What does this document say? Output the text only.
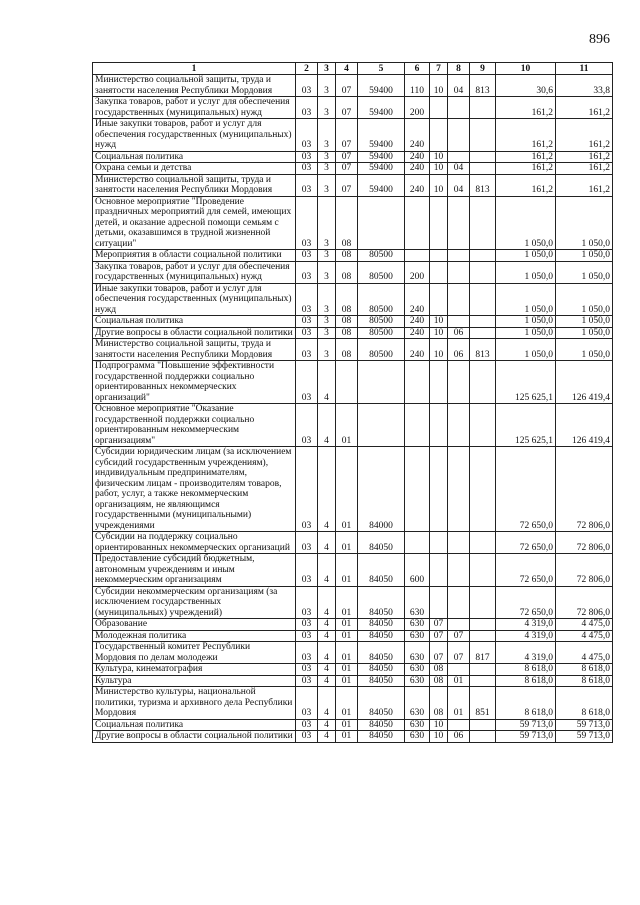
896
1	2	3	4	5	6	7	8	9	10	11
Министерство социальной защиты, труда и занятости населения Республики Мордовия	03	3	07	59400	110	10	04	813	30,6	33,8
Закупка товаров, работ и услуг для обеспечения государственных (муниципальных) нужд	03	3	07	59400	200				161,2	161,2
Иные закупки товаров, работ и услуг для обеспечения государственных (муниципальных) нужд	03	3	07	59400	240				161,2	161,2
Социальная политика	03	3	07	59400	240	10			161,2	161,2
Охрана семьи и детства	03	3	07	59400	240	10	04		161,2	161,2
Министерство социальной защиты, труда и занятости населения Республики Мордовия	03	3	07	59400	240	10	04	813	161,2	161,2
Основное мероприятие "Проведение праздничных мероприятий для семей, имеющих детей, и оказание адресной помощи семьям с детьми, оказавшимся в трудной жизненной ситуации"	03	3	08						1 050,0	1 050,0
Мероприятия в области социальной политики	03	3	08	80500					1 050,0	1 050,0
Закупка товаров, работ и услуг для обеспечения государственных (муниципальных) нужд	03	3	08	80500	200				1 050,0	1 050,0
Иные закупки товаров, работ и услуг для обеспечения государственных (муниципальных) нужд	03	3	08	80500	240				1 050,0	1 050,0
Социальная политика	03	3	08	80500	240	10			1 050,0	1 050,0
Другие вопросы в области социальной политики	03	3	08	80500	240	10	06		1 050,0	1 050,0
Министерство социальной защиты, труда и занятости населения Республики Мордовия	03	3	08	80500	240	10	06	813	1 050,0	1 050,0
Подпрограмма "Повышение эффективности государственной поддержки социально ориентированных некоммерческих организаций"	03	4							125 625,1	126 419,4
Основное мероприятие "Оказание государственной поддержки социально ориентированным некоммерческим организациям"	03	4	01						125 625,1	126 419,4
Субсидии юридическим лицам (за исключением субсидий государственным учреждениям), индивидуальным предпринимателям, физическим лицам - производителям товаров, работ, услуг, а также некоммерческим организациям, не являющимся государственными (муниципальными) учреждениями	03	4	01	84000					72 650,0	72 806,0
Субсидии на поддержку социально ориентированных некоммерческих организаций	03	4	01	84050					72 650,0	72 806,0
Предоставление субсидий бюджетным, автономным учреждениям и иным некоммерческим организациям	03	4	01	84050	600				72 650,0	72 806,0
Субсидии некоммерческим организациям (за исключением государственных (муниципальных) учреждений)	03	4	01	84050	630				72 650,0	72 806,0
Образование	03	4	01	84050	630	07			4 319,0	4 475,0
Молодежная политика	03	4	01	84050	630	07	07		4 319,0	4 475,0
Государственный комитет Республики Мордовия по делам молодежи	03	4	01	84050	630	07	07	817	4 319,0	4 475,0
Культура, кинематография	03	4	01	84050	630	08			8 618,0	8 618,0
Культура	03	4	01	84050	630	08	01		8 618,0	8 618,0
Министерство культуры, национальной политики, туризма и архивного дела Республики Мордовия	03	4	01	84050	630	08	01	851	8 618,0	8 618,0
Социальная политика	03	4	01	84050	630	10			59 713,0	59 713,0
Другие вопросы в области социальной политики	03	4	01	84050	630	10	06		59 713,0	59 713,0
